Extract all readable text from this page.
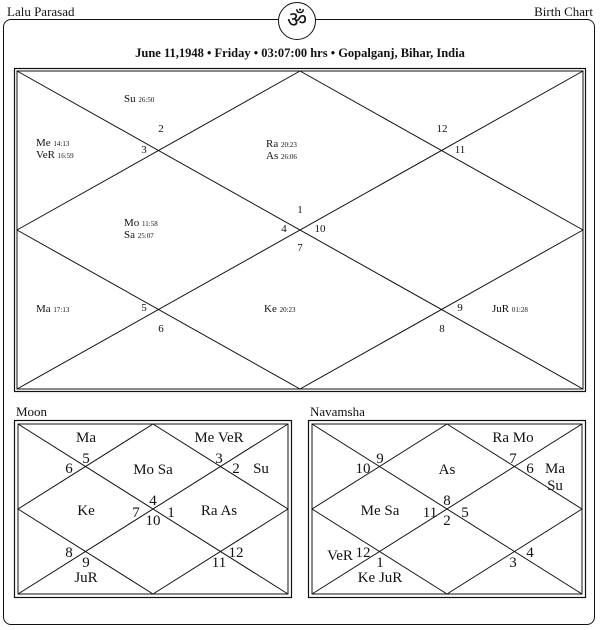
Lalu Parasad	Birth Chart
ॐ
June 11,1948 • Friday • 03:07:00 hrs • Gopalganj, Bihar, India
1
2
3
4
5
6
7
8
9
10
11
12
Ra 20:23
As 26:06
Su 26:50
Me 14:13
VeR 16:59
Mo 11:58
Sa 25:07
Ma 17:13	Ke 20:23	JuR 01:28
Moon	Navamsha
4
3
2
1
12
11
10
9
8
7
6
5
Mo Sa
Me VeR
Su
Ra As
JuR
Ke
Ma
8
7
6
5
4
3
2
1
12
11
10
9
As
Ra Mo
Ma
Su
Ke JuR
VeR
Me Sa
